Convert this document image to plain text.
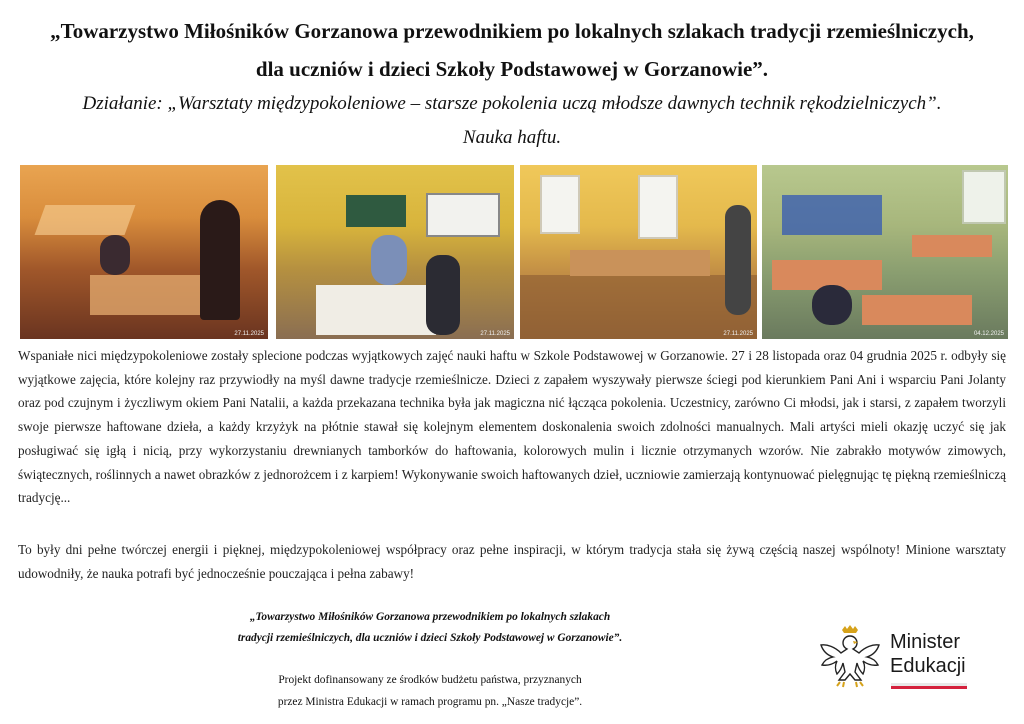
„Towarzystwo Miłośników Gorzanowa przewodnikiem po lokalnych szlakach tradycji rzemieślniczych,
dla uczniów i dzieci Szkoły Podstawowej w Gorzanowie”.
Działanie: „Warsztaty międzypokoleniowe – starsze pokolenia uczą młodsze dawnych technik rękodzielniczych”.
Nauka haftu.
27.11.2025	27.11.2025	27.11.2025	04.12.2025
Wspaniałe nici międzypokoleniowe zostały splecione podczas wyjątkowych zajęć nauki haftu w Szkole Podstawowej w Gorzanowie. 27 i 28 listopada oraz 04 grudnia 2025 r. odbyły się wyjątkowe zajęcia, które kolejny raz przywiodły na myśl dawne tradycje rzemieślnicze. Dzieci z zapałem wyszywały pierwsze ściegi pod kierunkiem Pani Ani i wsparciu Pani Jolanty oraz pod czujnym i życzliwym okiem Pani Natalii, a każda przekazana technika była jak magiczna nić łącząca pokolenia. Uczestnicy, zarówno Ci młodsi, jak i starsi, z zapałem tworzyli swoje pierwsze haftowane dzieła, a każdy krzyżyk na płótnie stawał się kolejnym elementem doskonalenia swoich zdolności manualnych. Mali artyści mieli okazję uczyć się jak posługiwać się igłą i nicią, przy wykorzystaniu drewnianych tamborków do haftowania, kolorowych mulin i licznie otrzymanych wzorów. Nie zabrakło motywów zimowych, świątecznych, roślinnych a nawet obrazków z jednorożcem i z karpiem! Wykonywanie swoich haftowanych dzieł, uczniowie zamierzają kontynuować pielęgnując tę piękną rzemieślniczą tradycję...
To były dni pełne twórczej energii i pięknej, międzypokoleniowej współpracy oraz pełne inspiracji, w którym tradycja stała się żywą częścią naszej wspólnoty! Minione warsztaty udowodniły, że nauka potrafi być jednocześnie pouczająca i pełna zabawy!
„Towarzystwo Miłośników Gorzanowa przewodnikiem po lokalnych szlakach
tradycji rzemieślniczych, dla uczniów i dzieci Szkoły Podstawowej w Gorzanowie”.
Projekt dofinansowany ze środków budżetu państwa, przyznanych
przez Ministra Edukacji w ramach programu pn. „Nasze tradycje”.
Minister
Edukacji
